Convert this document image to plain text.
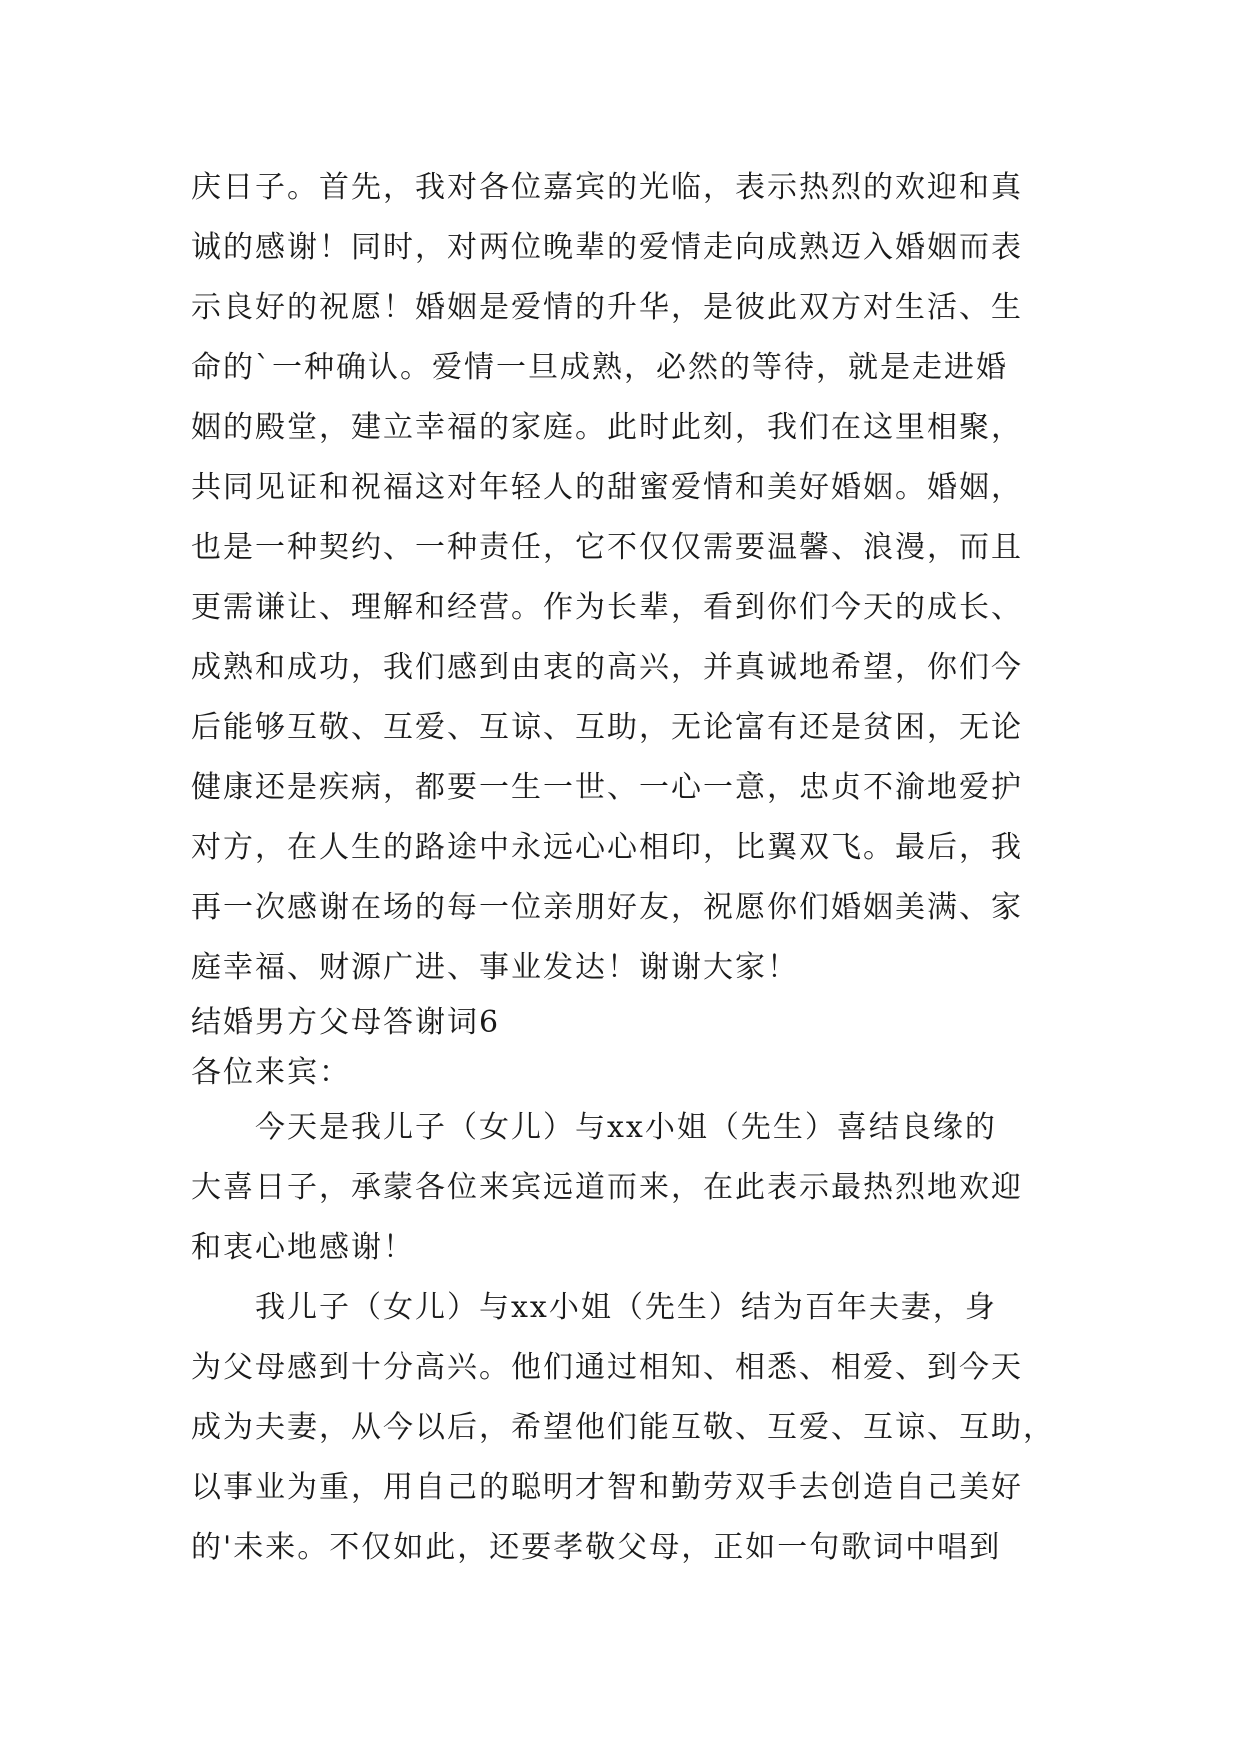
庆日子。首先，我对各位嘉宾的光临，表示热烈的欢迎和真
诚的感谢！同时，对两位晚辈的爱情走向成熟迈入婚姻而表
示良好的祝愿！婚姻是爱情的升华，是彼此双方对生活、生
命的`一种确认。爱情一旦成熟，必然的等待，就是走进婚
姻的殿堂，建立幸福的家庭。此时此刻，我们在这里相聚，
共同见证和祝福这对年轻人的甜蜜爱情和美好婚姻。婚姻，
也是一种契约、一种责任，它不仅仅需要温馨、浪漫，而且
更需谦让、理解和经营。作为长辈，看到你们今天的成长、
成熟和成功，我们感到由衷的高兴，并真诚地希望，你们今
后能够互敬、互爱、互谅、互助，无论富有还是贫困，无论
健康还是疾病，都要一生一世、一心一意，忠贞不渝地爱护
对方，在人生的路途中永远心心相印，比翼双飞。最后，我
再一次感谢在场的每一位亲朋好友，祝愿你们婚姻美满、家
庭幸福、财源广进、事业发达！谢谢大家！
结婚男方父母答谢词6
各位来宾：
今天是我儿子（女儿）与xx小姐（先生）喜结良缘的
大喜日子，承蒙各位来宾远道而来，在此表示最热烈地欢迎
和衷心地感谢！
我儿子（女儿）与xx小姐（先生）结为百年夫妻，身
为父母感到十分高兴。他们通过相知、相悉、相爱、到今天
成为夫妻，从今以后，希望他们能互敬、互爱、互谅、互助，
以事业为重，用自己的聪明才智和勤劳双手去创造自己美好
的'未来。不仅如此，还要孝敬父母，正如一句歌词中唱到
